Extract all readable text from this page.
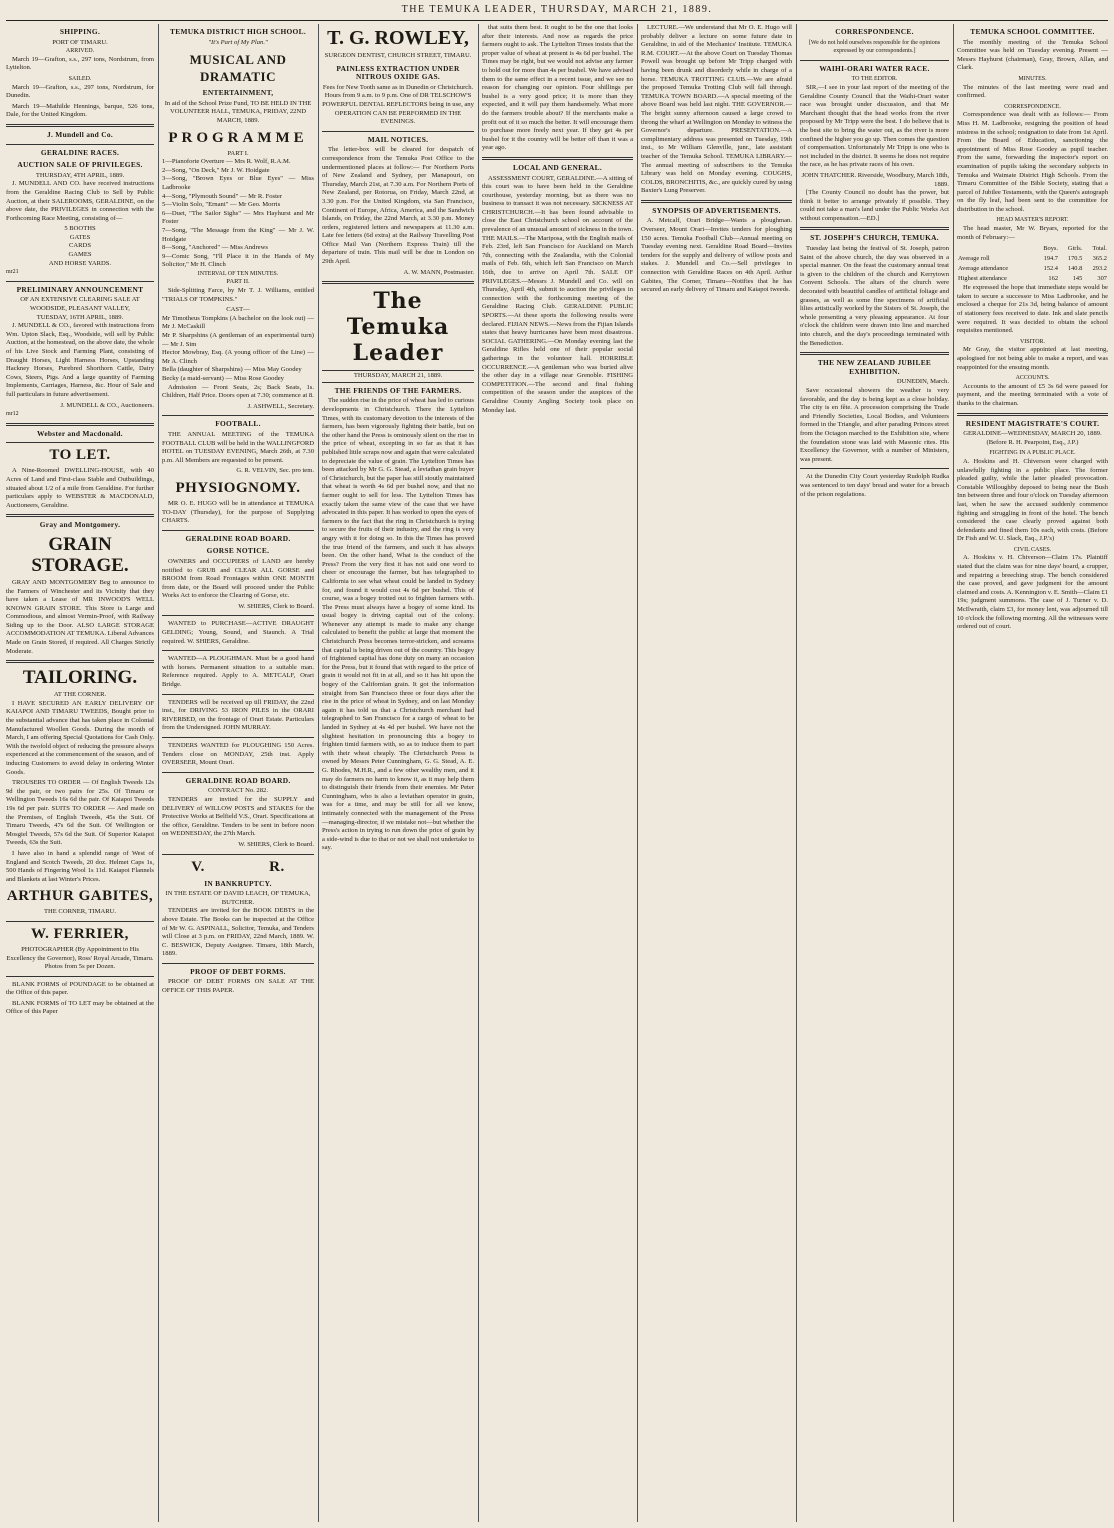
THE TEMUKA LEADER, THURSDAY, MARCH 21, 1889.
SHIPPING.
PORT OF TIMARU.
ARRIVED.

March 19—Grafton, s.s., 297 tons, Nordstrum, from Lyttelton.

SAILED.

March 19—Grafton, s.s., 297 tons, Nordstrum, for Dunedin.

March 19—Mathilde Hennings, barque, 526 tons, Dale, for the United Kingdom.

J. Mundell and Co.
GERALDINE RACES.
AUCTION SALE OF PRIVILEGES.
THURSDAY, 4TH APRIL, 1889.

J. MUNDELL AND CO. have received instructions from the Geraldine Racing Club to Sell by Public Auction, at their SALEROOMS, GERALDINE, on the above date, the PRIVILEGES in connection with the Forthcoming Race Meeting, consisting of—

5 BOOTHS
GATES
CARDS
GAMES
AND HORSE YARDS.
mr21
PRELIMINARY ANNOUNCEMENT
OF AN EXTENSIVE CLEARING SALE AT WOODSIDE, PLEASANT VALLEY,
TUESDAY, 16TH APRIL, 1889.

J. MUNDELL & CO., favored with instructions from Wm. Upton Slack, Esq., Woodside, will sell by Public Auction, at the homestead, on the above date, the whole of his Live Stock and Farming Plant, consisting of Draught Horses, Light Harness Horses, Upstanding Hackney Horses, Purebred Shorthorn Cattle, Dairy Cows, Steers, Pigs. And a large quantity of Farming Implements, Carriages, Harness, &c. Hour of Sale and full particulars in future advertisement.

J. MUNDELL & CO., Auctioneers.
mr12
Webster and Macdonald.
TO LET.

A Nine-Roomed DWELLING-HOUSE, with 40 Acres of Land and First-class Stable and Outbuildings, situated about 1/2 of a mile from Geraldine. For further particulars apply to WEBSTER & MACDONALD, Auctioneers, Geraldine.

Gray and Montgomery.
GRAIN STORAGE.

GRAY AND MONTGOMERY Beg to announce to the Farmers of Winchester and its Vicinity that they have taken a Lease of MR INWOOD'S WELL KNOWN GRAIN STORE. This Store is Large and Commodious, and almost Vermin-Proof, with Railway Siding up to the Door. ALSO LARGE STORAGE ACCOMMODATION AT TEMUKA. Liberal Advances Made on Grain Stored, if required. All Charges Strictly Moderate.

TAILORING.
AT THE CORNER.

I HAVE SECURED AN EARLY DELIVERY OF KAIAPOI AND TIMARU TWEEDS, Bought prior to the substantial advance that has taken place in Colonial Manufactured Woollen Goods. During the month of March, I am offering Special Quotations for Cash Only. With the twofold object of reducing the pressure always experienced at the commencement of the season, and of inducing Customers to avoid delay in ordering Winter Goods.

TROUSERS TO ORDER — Of English Tweeds 12s 9d the pair, or two pairs for 25s. Of Timaru or Wellington Tweeds 16s 6d the pair. Of Kaiapoi Tweeds 19s 6d per pair. SUITS TO ORDER — And made on the Premises, of English Tweeds, 45s the Suit. Of Timaru Tweeds, 47s 6d the Suit. Of Wellington or Mosgiel Tweeds, 57s 6d the Suit. Of Superior Kaiapoi Tweeds, 63s the Suit.

I have also in hand a splendid range of West of England and Scotch Tweeds, 20 doz. Helmet Caps 1s, 500 Hands of Fingering Wool 1s 11d. Kaiapoi Flannels and Blankets at last Winter's Prices.

ARTHUR GABITES,
THE CORNER, TIMARU.
W. FERRIER,

PHOTOGRAPHER (By Appointment to His Excellency the Governor), Ross' Royal Arcade, Timaru. Photos from 5s per Dozen.

BLANK FORMS of POUNDAGE to be obtained at the Office of this paper.

BLANK FORMS of TO LET may be obtained at the Office of this Paper

TEMUKA DISTRICT HIGH SCHOOL.
"It's Part of My Plan."
MUSICAL AND DRAMATIC
ENTERTAINMENT,

In aid of the School Prize Fund, TO BE HELD IN THE VOLUNTEER HALL, TEMUKA, FRIDAY, 22ND MARCH, 1889.

PROGRAMME
PART I.
1—Pianoforte Overture — Mrs R. Wolf, R.A.M.
2—Song, "On Deck," Mr J. W. Hoidgate
3—Song, "Brown Eyes or Blue Eyes" — Miss Ladbrooke
4—Song, "Plymouth Sound" — Mr R. Foster
5—Violin Solo, "Ernani" — Mr Geo. Morris
6—Duet, "The Sailor Sighs" — Mrs Hayhurst and Mr Foster
7—Song, "The Message from the King" — Mr J. W. Hoidgate
8—Song, "Anchored" — Miss Andrews
9—Comic Song, "I'll Place it in the Hands of My Solicitor," Mr H. Clinch
INTERVAL OF TEN MINUTES.
PART II.

Side-Splitting Farce, by Mr T. J. Williams, entitled "TRIALS OF TOMPKINS."

CAST—
Mr Timotheus Tompkins (A bachelor on the look out) — Mr J. McCaskill
Mr P. Sharpshins (A gentleman of an experimental turn) — Mr J. Sim
Hector Mowbray, Esq. (A young officer of the Line) — Mr A. Clinch
Bella (daughter of Sharpshins) — Miss May Goodey
Becky (a maid-servant) — Miss Rose Goodey

Admission — Front Seats, 2s; Back Seats, 1s. Children, Half Price. Doors open at 7.30; commence at 8.

J. ASHWELL, Secretary.
FOOTBALL.

THE ANNUAL MEETING of the TEMUKA FOOTBALL CLUB will be held in the WALLINGFORD HOTEL on TUESDAY EVENING, March 26th, at 7.30 p.m. All Members are requested to be present.

G. R. VELVIN, Sec. pro tem.
PHYSIOGNOMY.

MR O. E. HUGO will be in attendance at TEMUKA TO-DAY (Thursday), for the purpose of Supplying CHARTS.

GERALDINE ROAD BOARD.
GORSE NOTICE.

OWNERS and OCCUPIERS of LAND are hereby notified to GRUB and CLEAR ALL GORSE and BROOM from Road Frontages within ONE MONTH from date, or the Board will proceed under the Public Works Act to enforce the Clearing of Gorse, etc.

W. SHIERS, Clerk to Board.

WANTED to PURCHASE—ACTIVE DRAUGHT GELDING; Young, Sound, and Staunch. A Trial required. W. SHIERS, Geraldine.

WANTED—A PLOUGHMAN. Must be a good hand with horses. Permanent situation to a suitable man. Reference required. Apply to A. METCALF, Orari Bridge.

TENDERS will be received up till FRIDAY, the 22nd inst., for DRIVING 53 IRON PILES in the ORARI RIVERBED, on the frontage of Orari Estate. Particulars from the Undersigned. JOHN MURRAY.

TENDERS WANTED for PLOUGHING 150 Acres. Tenders close on MONDAY, 25th inst. Apply OVERSEER, Mount Orari.

GERALDINE ROAD BOARD.
CONTRACT No. 282.

TENDERS are invited for the SUPPLY and DELIVERY of WILLOW POSTS and STAKES for the Protective Works at Belfield V.S., Orari. Specifications at the office, Geraldine. Tenders to be sent in before noon on WEDNESDAY, the 27th March.

W. SHIERS, Clerk to Board.
V. R.
IN BANKRUPTCY.
IN THE ESTATE OF DAVID LEACH, OF TEMUKA, BUTCHER.

TENDERS are invited for the BOOK DEBTS in the above Estate. The Books can be inspected at the Office of Mr W. G. ASPINALL, Solicitor, Temuka, and Tenders will Close at 3 p.m. on FRIDAY, 22nd March, 1889. W. C. BESWICK, Deputy Assignee. Timaru, 18th March, 1889.

PROOF OF DEBT FORMS.

PROOF OF DEBT FORMS ON SALE AT THE OFFICE OF THIS PAPER.

T. G. ROWLEY,
SURGEON DENTIST, CHURCH STREET, TIMARU.
PAINLESS EXTRACTION UNDER NITROUS OXIDE GAS.

Fees for New Tooth same as in Dunedin or Christchurch. Hours from 9 a.m. to 9 p.m. One of DR TELSCHOW'S POWERFUL DENTAL REFLECTORS being in use, any OPERATION CAN BE PERFORMED IN THE EVENINGS.

MAIL NOTICES.

The letter-box will be cleared for despatch of correspondence from the Temuka Post Office to the undermentioned places at follow:— For Northern Ports of New Zealand and Sydney, per Manapouri, on Thursday, March 21st, at 7.30 a.m. For Northern Ports of New Zealand, per Rotorua, on Friday, March 22nd, at 3.30 p.m. For the United Kingdom, via San Francisco, Continent of Europe, Africa, America, and the Sandwich Islands, on Friday, the 22nd March, at 3.30 p.m. Money orders, registered letters and newspapers at 11.30 a.m. Late fee letters (6d extra) at the Railway Travelling Post Office Mail Van (Northern Express Train) till the departure of train. This mail will be due in London on 29th April.

A. W. MANN, Postmaster.
The Temuka Leader
THURSDAY, MARCH 21, 1889.
THE FRIENDS OF THE FARMERS.

The sudden rise in the price of wheat has led to curious developments in Christchurch. There the Lyttelton Times, with its customary devotion to the interests of the farmers, has been vigorously fighting their battle, but on the other hand the Press is ominously silent on the rise in the price of wheat, excepting in so far as that it has published little scraps now and again that were calculated to depreciate the value of grain. The Lyttelton Times has been attacked by Mr G. G. Stead, a leviathan grain buyer of Christchurch, but the paper has still stoutly maintained that wheat is worth 4s 6d per bushel now, and that no farmer ought to sell for less. The Lyttelton Times has exactly taken the same view of the case that we have advocated in this paper. It has worked to open the eyes of farmers to the fact that the ring in Christchurch is trying to secure the fruits of their industry, and the ring is very angry with it for doing so. In this the Times has proved the true friend of the farmers, and such it has always been. On the other hand, What is the conduct of the Press? From the very first it has not said one word to cheer or encourage the farmer, but has telegraphed to California to see what wheat could be landed in Sydney for, and found it would cost 4s 6d per bushel. This of course, was a bogey trotted out to frighten farmers with. The Press must always have a bogey of some kind. Its usual bogey is driving capital out of the colony. Whenever any attempt is made to make any change calculated to benefit the public at large that moment the Christchurch Press becomes terror-stricken, and screams that capital is being driven out of the country. This bogey of frightened capital has done duty on many an occasion for the Press, but it found that with regard to the price of grain it would not fit in at all, and so it has hit upon the bogey of the Californian grain. It got the information straight from San Francisco three or four days after the rise in the price of wheat in Sydney, and on last Monday again it has told us that a Christchurch merchant had telegraphed to San Francisco for a cargo of wheat to be landed in Sydney at 4s 4d per bushel. We have not the slightest hesitation in pronouncing this a bogey to frighten timid farmers with, so as to induce them to part with their wheat cheaply. The Christchurch Press is owned by Messrs Peter Cunningham, G. G. Stead, A. E. G. Rhodes, M.H.R., and a few other wealthy men, and it may do farmers no harm to know it, as it may help them to distinguish their friends from their enemies. Mr Peter Cunningham, who is also a leviathan operator in grain, was for a time, and may be still for all we know, intimately connected with the management of the Press—managing-director, if we mistake not—but whether the Press's action in trying to run down the price of grain by a side-wind is due to that or not we shall not undertake to say.

that suits them best. It ought to be the one that looks after their interests. And now as regards the price farmers ought to ask. The Lyttelton Times insists that the proper value of wheat at present is 4s 6d per bushel. The Times may be right, but we would not advise any farmer to hold out for more than 4s per bushel. We have advised them to the same effect in a recent issue, and we see no reason for changing our opinion. Four shillings per bushel is a very good price; it is more than they expected, and it will pay them handsomely. What more do the farmers trouble about? If the merchants make a profit out of it so much the better. It will encourage them to purchase more freely next year. If they get 4s per bushel for it the country will be better off than it was a year ago.

LOCAL AND GENERAL.

ASSESSMENT COURT, GERALDINE.—A sitting of this court was to have been held in the Geraldine courthouse, yesterday morning, but as there was no business to transact it was not necessary. SICKNESS AT CHRISTCHURCH.—It has been found advisable to close the East Christchurch school on account of the prevalence of an unusual amount of sickness in the town. THE MAILS.—The Mariposa, with the English mails of Feb. 23rd, left San Francisco for Auckland on March 7th, connecting with the Zealandia, with the Colonial mails of Feb. 6th, which left San Francisco on March 16th, due to arrive on April 7th. SALE OF PRIVILEGES.—Messrs J. Mundell and Co. will on Thursday, April 4th, submit to auction the privileges in connection with the forthcoming meeting of the Geraldine Racing Club. GERALDINE PUBLIC SPORTS.—At these sports the following results were declared. FIJIAN NEWS.—News from the Fijian Islands states that heavy hurricanes have been most disastrous. SOCIAL GATHERING.—On Monday evening last the Geraldine Rifles held one of their popular social gatherings in the volunteer hall. HORRIBLE OCCURRENCE.—A gentleman who was buried alive the other day in a village near Grenoble. FISHING COMPETITION.—The second and final fishing competition of the season under the auspices of the Geraldine County Angling Society took place on Monday last.

LECTURE.—We understand that Mr O. E. Hugo will probably deliver a lecture on some future date in Geraldine, in aid of the Mechanics' Institute. TEMUKA R.M. COURT.—At the above Court on Tuesday Thomas Powell was brought up before Mr Tripp charged with having been drunk and disorderly while in charge of a horse. TEMUKA TROTTING CLUB.—We are afraid the proposed Temuka Trotting Club will fall through. TEMUKA TOWN BOARD.—A special meeting of the above Board was held last night. THE GOVERNOR.—The bright sunny afternoon caused a large crowd to throng the wharf at Wellington on Monday to witness the Governor's departure. PRESENTATION.—A complimentary address was presented on Tuesday, 19th inst., to Mr William Glenville, junr., late assistant teacher of the Temuka School. TEMUKA LIBRARY.—The annual meeting of subscribers to the Temuka Library was held on Monday evening. COUGHS, COLDS, BRONCHITIS, &c., are quickly cured by using Baxter's Lung Preserver.

SYNOPSIS OF ADVERTISEMENTS.

A. Metcalf, Orari Bridge—Wants a ploughman. Overseer, Mount Orari—Invites tenders for ploughing 150 acres. Temuka Football Club—Annual meeting on Tuesday evening next. Geraldine Road Board—Invites tenders for the supply and delivery of willow posts and stakes. J. Mundell and Co.—Sell privileges in connection with Geraldine Races on 4th April. Arthur Gabites, The Corner, Timaru—Notifies that he has secured an early delivery of Timaru and Kaiapoi tweeds.

CORRESPONDENCE.
[We do not hold ourselves responsible for the opinions expressed by our correspondents.]
WAIHI-ORARI WATER RACE.
TO THE EDITOR.

SIR,—I see in your last report of the meeting of the Geraldine County Council that the Waihi-Orari water race was brought under discussion, and that Mr Marchant thought that the head works from the river proposed by Mr Tripp were the best. I do believe that is the best site to bring the water out, as the river is more confined the higher you go up. Then comes the question of compensation. Unfortunately Mr Tripp is one who is not included in the district. It seems he does not require the race, as he has private races of his own.

JOHN THATCHER. Riverside, Woodbury, March 18th, 1889.

[The County Council no doubt has the power, but think it better to arrange privately if possible. They could not take a man's land under the Public Works Act without compensation.—ED.]

ST. JOSEPH'S CHURCH, TEMUKA.

Tuesday last being the festival of St. Joseph, patron Saint of the above church, the day was observed in a special manner. On the feast the customary annual treat is given to the children of the church and Kerrytown Convent Schools. The altars of the church were decorated with beautiful candles of artificial foliage and grasses, as well as some fine specimens of artificial lilies artistically worked by the Sisters of St. Joseph, the whole presenting a very pleasing appearance. At four o'clock the children were drawn into line and marched into church, and the day's proceedings terminated with the Benediction.

THE NEW ZEALAND JUBILEE EXHIBITION.
DUNEDIN, March.

Save occasional showers the weather is very favorable, and the day is being kept as a close holiday. The city is en fête. A procession comprising the Trade and Friendly Societies, Local Bodies, and Volunteers formed in the Triangle, and after parading Princes street from the Octagon marched to the Exhibition site, where the foundation stone was laid with Masonic rites. His Excellency the Governor, with a number of Ministers, was present.

At the Dunedin City Court yesterday Rudolph Rudka was sentenced to ten days' bread and water for a breach of the prison regulations.

TEMUKA SCHOOL COMMITTEE.

The monthly meeting of the Temuka School Committee was held on Tuesday evening. Present — Messrs Hayhurst (chairman), Gray, Brown, Allan, and Clark.

MINUTES.

The minutes of the last meeting were read and confirmed.

CORRESPONDENCE.

Correspondence was dealt with as follows:— From Miss H. M. Ladbrooke, resigning the position of head mistress in the school; resignation to date from 1st April. From the Board of Education, sanctioning the appointment of Miss Rose Goodey as pupil teacher. From the same, forwarding the inspector's report on examination of pupils taking the secondary subjects in Temuka and Waimate District High Schools. From the Timaru Committee of the Bible Society, stating that a parcel of Jubilee Testaments, with the Queen's autograph on the fly leaf, had been sent to the committee for distribution in the school.

HEAD MASTER'S REPORT.

The head master, Mr W. Bryars, reported for the month of February:—

	Boys.	Girls.	Total.
Average roll	194.7	170.5	365.2
Average attendance	152.4	140.8	293.2
Highest attendance	162	145	307

He expressed the hope that immediate steps would be taken to secure a successor to Miss Ladbrooke, and he enclosed a cheque for 21s 3d, being balance of amount of stationery fees received to date. Ink and slate pencils were required. It was decided to obtain the school requisites mentioned.

VISITOR.

Mr Gray, the visitor appointed at last meeting, apologised for not being able to make a report, and was reappointed for the ensuing month.

ACCOUNTS.

Accounts to the amount of £5 3s 6d were passed for payment, and the meeting terminated with a vote of thanks to the chairman.

RESIDENT MAGISTRATE'S COURT.

GERALDINE—WEDNESDAY, MARCH 20, 1889. (Before R. H. Pearpoint, Esq., J.P.)

FIGHTING IN A PUBLIC PLACE.

A. Hoskins and H. Chiverson were charged with unlawfully fighting in a public place. The former pleaded guilty, while the latter pleaded provocation. Constable Willoughby deposed to being near the Bush Inn between three and four o'clock on Tuesday afternoon last, when he saw the accused suddenly commence fighting and struggling in front of the hotel. The bench considered the case clearly proved against both defendants and fined them 10s each, with costs. (Before Dr Fish and W. U. Slack, Esq., J.P.'s)

CIVIL CASES.

A. Hoskins v. H. Chiverson—Claim 17s. Plaintiff stated that the claim was for nine days' board, a crupper, and repairing a breeching strap. The bench considered the case proved, and gave judgment for the amount claimed and costs. A. Kennington v. E. Smith—Claim £1 19s; judgment summons. The case of J. Turner v. D. McIlwraith, claim £3, for money lent, was adjourned till 10 o'clock the following morning. All the witnesses were ordered out of court.
